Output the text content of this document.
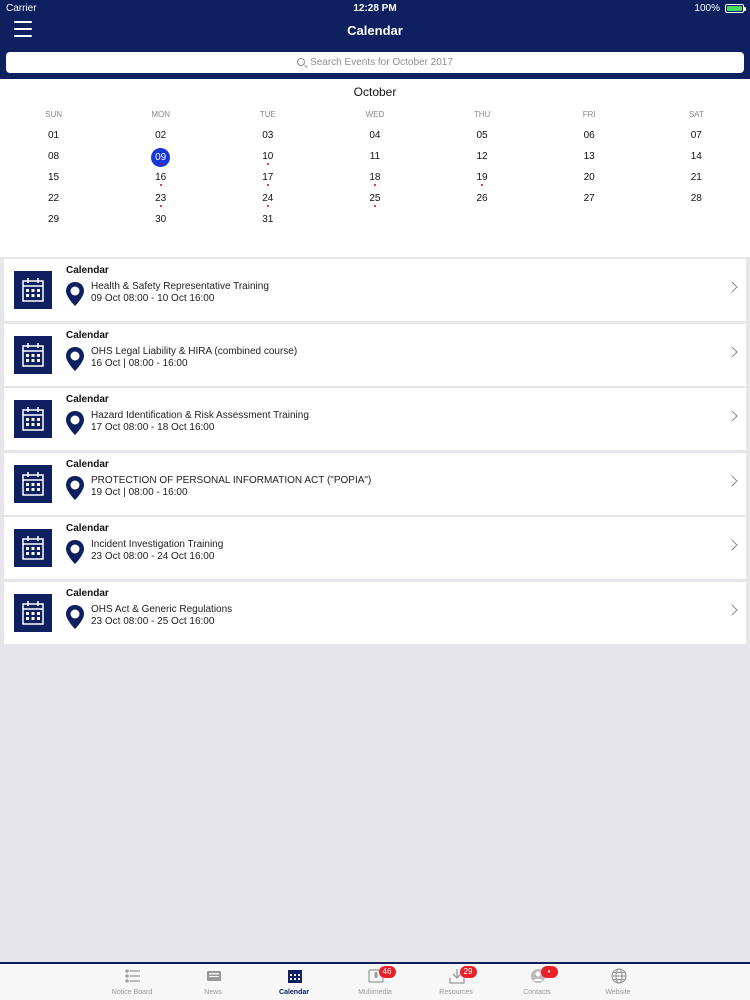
Carrier	12:28 PM	100%
Calendar
Search Events for October 2017
October
SUN	MON	TUE	WED	THU	FRI	SAT
01	02	03	04	05	06	07
08	09	10	11	12	13	14
15	16	17	18	19	20	21
22	23	24	25	26	27	28
29	30	31
Calendar
Health & Safety Representative Training
09 Oct 08:00 - 10 Oct 16:00
Calendar
OHS Legal Liability & HIRA (combined course)
16 Oct | 08:00 - 16:00
Calendar
Hazard Identification & Risk Assessment Training
17 Oct 08:00 - 18 Oct 16:00
Calendar
PROTECTION OF PERSONAL INFORMATION ACT ("POPIA")
19 Oct | 08:00 - 16:00
Calendar
Incident Investigation Training
23 Oct 08:00 - 24 Oct 16:00
Calendar
OHS Act & Generic Regulations
23 Oct 08:00 - 25 Oct 16:00
Notice Board	News	Calendar
46
Multimedia
29
Resources
•
Contacts	Website
